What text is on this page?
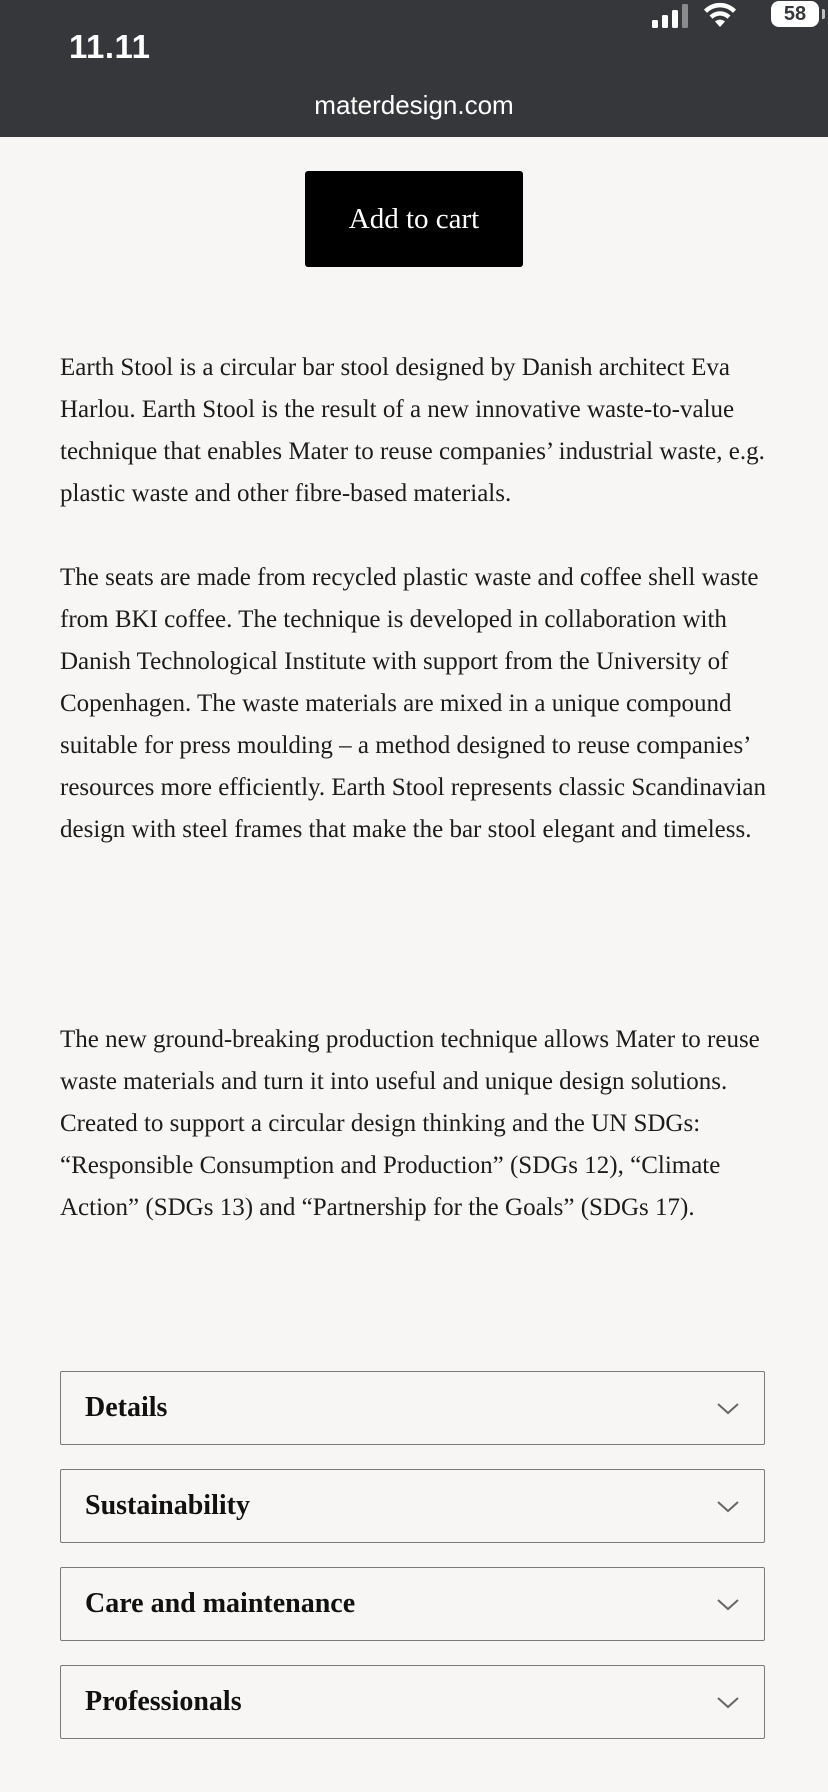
11.11
58
materdesign.com
Add to cart

Earth Stool is a circular bar stool designed by Danish architect Eva Harlou. Earth Stool is the result of a new innovative waste-to-value technique that enables Mater to reuse companies’ industrial waste, e.g. plastic waste and other fibre-based materials.

The seats are made from recycled plastic waste and coffee shell waste from BKI coffee. The technique is developed in collaboration with Danish Technological Institute with support from the University of Copenhagen. The waste materials are mixed in a unique compound suitable for press moulding – a method designed to reuse companies’ resources more efficiently. Earth Stool represents classic Scandinavian design with steel frames that make the bar stool elegant and timeless.

The new ground-breaking production technique allows Mater to reuse waste materials and turn it into useful and unique design solutions. Created to support a circular design thinking and the UN SDGs: “Responsible Consumption and Production” (SDGs 12), “Climate Action” (SDGs 13) and “Partnership for the Goals” (SDGs 17).

Details
Sustainability
Care and maintenance
Professionals
